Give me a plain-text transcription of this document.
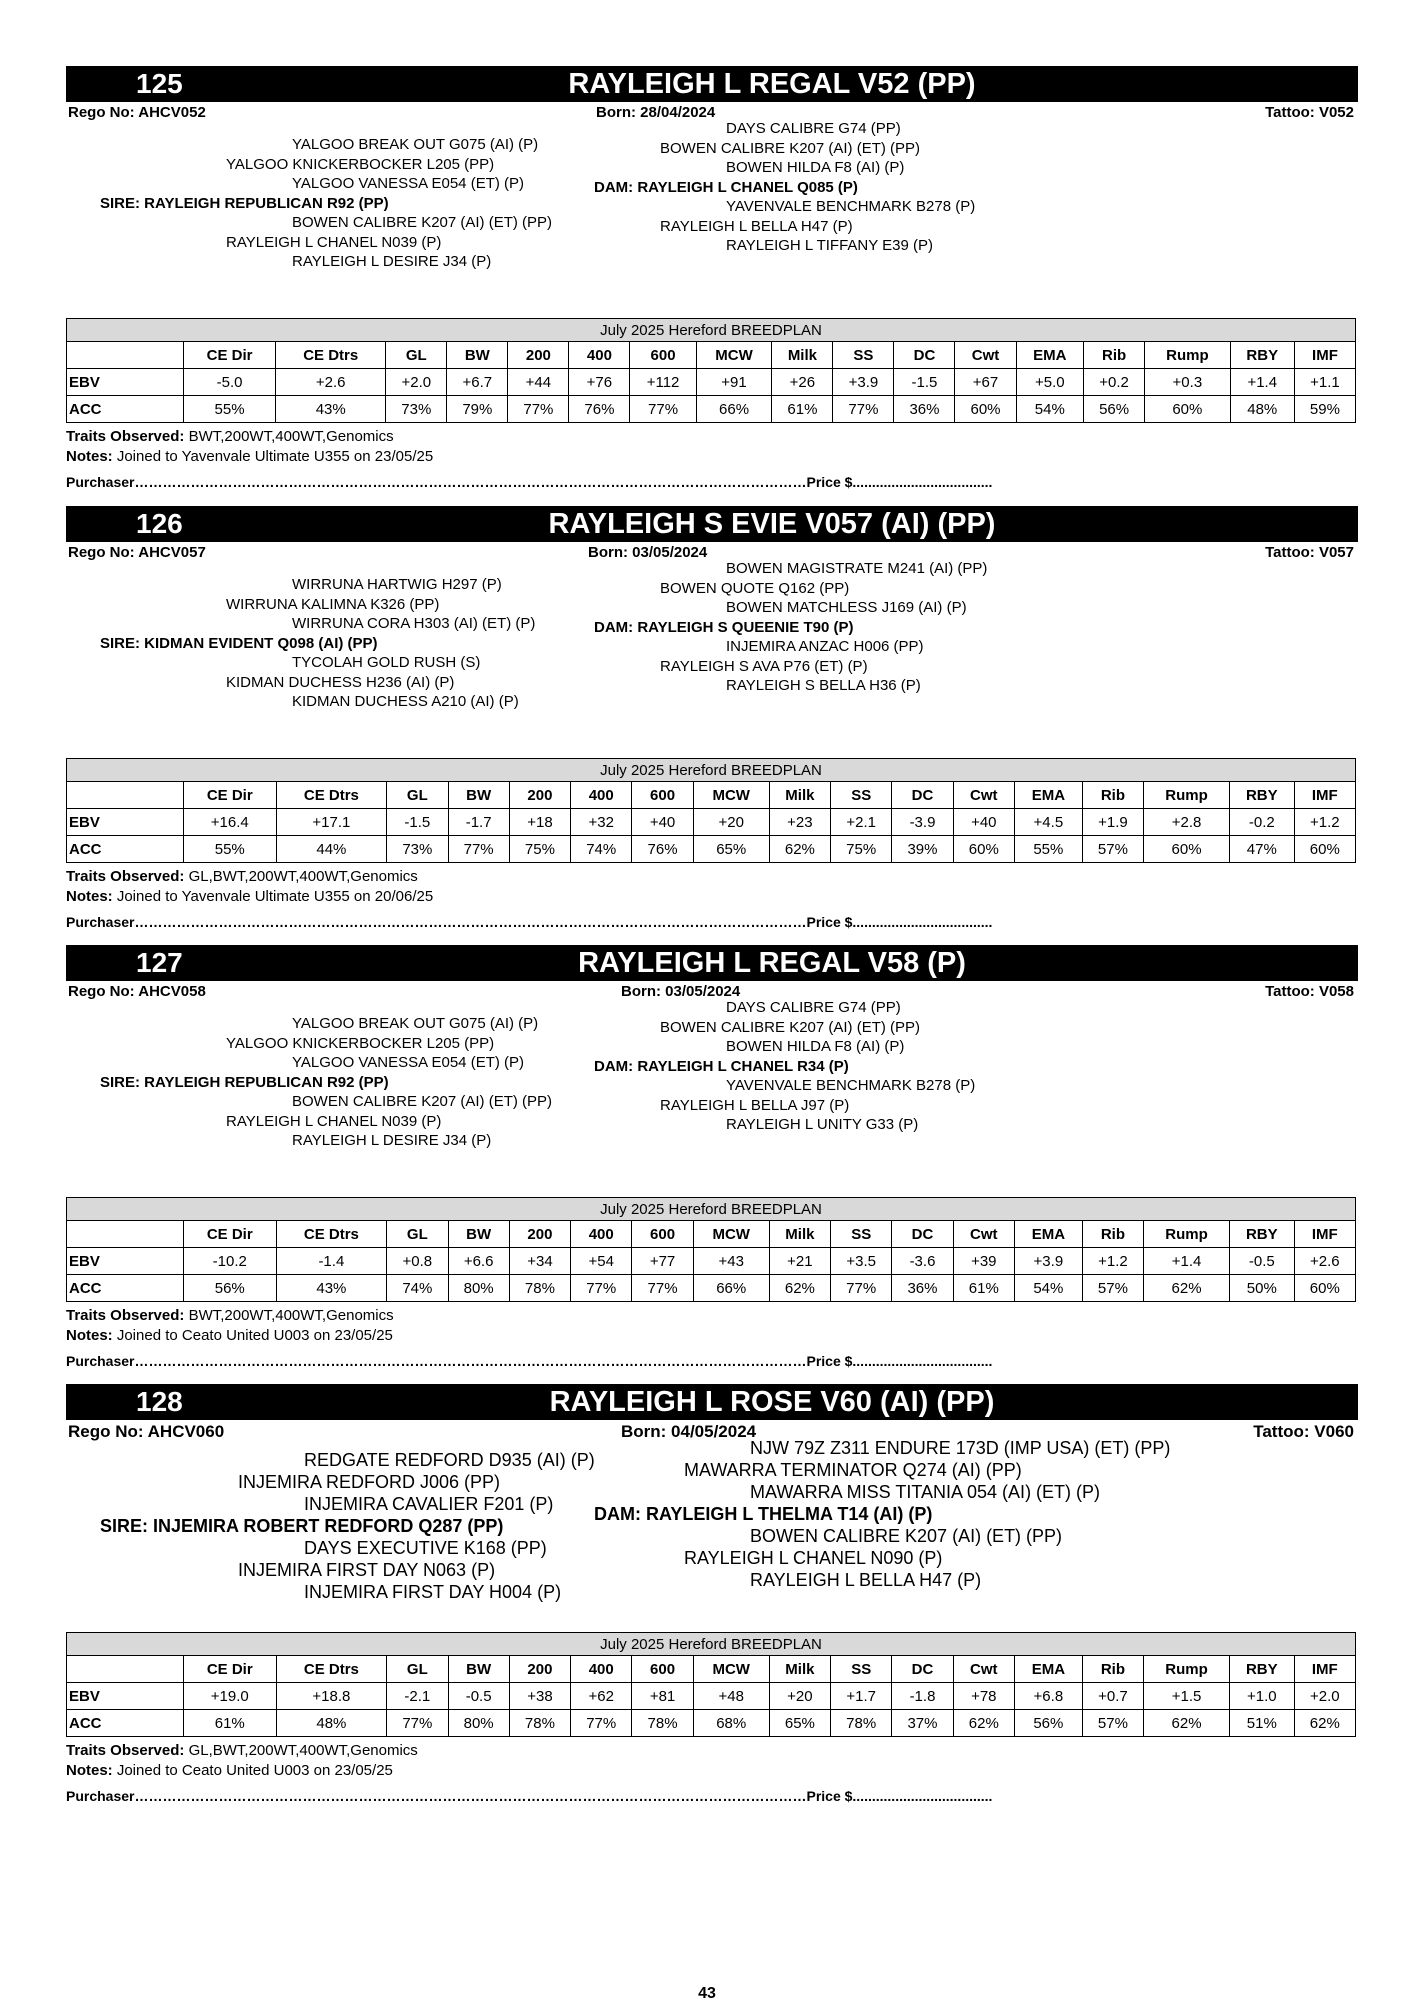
125	RAYLEIGH L REGAL V52 (PP)
Rego No: AHCV052	Born: 28/04/2024	Tattoo: V052
YALGOO BREAK OUT G075 (AI) (P)
YALGOO KNICKERBOCKER L205 (PP)
YALGOO VANESSA E054 (ET) (P)
SIRE: RAYLEIGH REPUBLICAN R92 (PP)
BOWEN CALIBRE K207 (AI) (ET) (PP)
RAYLEIGH L CHANEL N039 (P)
RAYLEIGH L DESIRE J34 (P)
DAYS CALIBRE G74 (PP)
BOWEN CALIBRE K207 (AI) (ET) (PP)
BOWEN HILDA F8 (AI) (P)
DAM: RAYLEIGH L CHANEL Q085 (P)
YAVENVALE BENCHMARK B278 (P)
RAYLEIGH L BELLA H47 (P)
RAYLEIGH L TIFFANY E39 (P)
July 2025 Hereford BREEDPLAN																	
	CE Dir	CE Dtrs	GL	BW	200	400	600	MCW	Milk	SS	DC	Cwt	EMA	Rib	Rump	RBY	IMF
EBV	-5.0	+2.6	+2.0	+6.7	+44	+76	+112	+91	+26	+3.9	-1.5	+67	+5.0	+0.2	+0.3	+1.4	+1.1
ACC	55%	43%	73%	79%	77%	76%	77%	66%	61%	77%	36%	60%	54%	56%	60%	48%	59%
Traits Observed: BWT,200WT,400WT,Genomics
Notes: Joined to Yavenvale Ultimate U355 on 23/05/25
Purchaser………………………………………………………………………………………………………………………………Price $....................................
126	RAYLEIGH S EVIE V057 (AI) (PP)
Rego No: AHCV057	Born: 03/05/2024	Tattoo: V057
WIRRUNA HARTWIG H297 (P)
WIRRUNA KALIMNA K326 (PP)
WIRRUNA CORA H303 (AI) (ET) (P)
SIRE: KIDMAN EVIDENT Q098 (AI) (PP)
TYCOLAH GOLD RUSH (S)
KIDMAN DUCHESS H236 (AI) (P)
KIDMAN DUCHESS A210 (AI) (P)
BOWEN MAGISTRATE M241 (AI) (PP)
BOWEN QUOTE Q162 (PP)
BOWEN MATCHLESS J169 (AI) (P)
DAM: RAYLEIGH S QUEENIE T90 (P)
INJEMIRA ANZAC H006 (PP)
RAYLEIGH S AVA P76 (ET) (P)
RAYLEIGH S BELLA H36 (P)
July 2025 Hereford BREEDPLAN																	
	CE Dir	CE Dtrs	GL	BW	200	400	600	MCW	Milk	SS	DC	Cwt	EMA	Rib	Rump	RBY	IMF
EBV	+16.4	+17.1	-1.5	-1.7	+18	+32	+40	+20	+23	+2.1	-3.9	+40	+4.5	+1.9	+2.8	-0.2	+1.2
ACC	55%	44%	73%	77%	75%	74%	76%	65%	62%	75%	39%	60%	55%	57%	60%	47%	60%
Traits Observed: GL,BWT,200WT,400WT,Genomics
Notes: Joined to Yavenvale Ultimate U355 on 20/06/25
Purchaser………………………………………………………………………………………………………………………………Price $....................................
127	RAYLEIGH L REGAL V58 (P)
Rego No: AHCV058	Born: 03/05/2024	Tattoo: V058
YALGOO BREAK OUT G075 (AI) (P)
YALGOO KNICKERBOCKER L205 (PP)
YALGOO VANESSA E054 (ET) (P)
SIRE: RAYLEIGH REPUBLICAN R92 (PP)
BOWEN CALIBRE K207 (AI) (ET) (PP)
RAYLEIGH L CHANEL N039 (P)
RAYLEIGH L DESIRE J34 (P)
DAYS CALIBRE G74 (PP)
BOWEN CALIBRE K207 (AI) (ET) (PP)
BOWEN HILDA F8 (AI) (P)
DAM: RAYLEIGH L CHANEL R34 (P)
YAVENVALE BENCHMARK B278 (P)
RAYLEIGH L BELLA J97 (P)
RAYLEIGH L UNITY G33 (P)
July 2025 Hereford BREEDPLAN																	
	CE Dir	CE Dtrs	GL	BW	200	400	600	MCW	Milk	SS	DC	Cwt	EMA	Rib	Rump	RBY	IMF
EBV	-10.2	-1.4	+0.8	+6.6	+34	+54	+77	+43	+21	+3.5	-3.6	+39	+3.9	+1.2	+1.4	-0.5	+2.6
ACC	56%	43%	74%	80%	78%	77%	77%	66%	62%	77%	36%	61%	54%	57%	62%	50%	60%
Traits Observed: BWT,200WT,400WT,Genomics
Notes: Joined to Ceato United U003 on 23/05/25
Purchaser………………………………………………………………………………………………………………………………Price $....................................
128	RAYLEIGH L ROSE V60 (AI) (PP)
Rego No: AHCV060	Born: 04/05/2024	Tattoo: V060
REDGATE REDFORD D935 (AI) (P)
INJEMIRA REDFORD J006 (PP)
INJEMIRA CAVALIER F201 (P)
SIRE: INJEMIRA ROBERT REDFORD Q287 (PP)
DAYS EXECUTIVE K168 (PP)
INJEMIRA FIRST DAY N063 (P)
INJEMIRA FIRST DAY H004 (P)
NJW 79Z Z311 ENDURE 173D (IMP USA) (ET) (PP)
MAWARRA TERMINATOR Q274 (AI) (PP)
MAWARRA MISS TITANIA 054 (AI) (ET) (P)
DAM: RAYLEIGH L THELMA T14 (AI) (P)
BOWEN CALIBRE K207 (AI) (ET) (PP)
RAYLEIGH L CHANEL N090 (P)
RAYLEIGH L BELLA H47 (P)
July 2025 Hereford BREEDPLAN																	
	CE Dir	CE Dtrs	GL	BW	200	400	600	MCW	Milk	SS	DC	Cwt	EMA	Rib	Rump	RBY	IMF
EBV	+19.0	+18.8	-2.1	-0.5	+38	+62	+81	+48	+20	+1.7	-1.8	+78	+6.8	+0.7	+1.5	+1.0	+2.0
ACC	61%	48%	77%	80%	78%	77%	78%	68%	65%	78%	37%	62%	56%	57%	62%	51%	62%
Traits Observed: GL,BWT,200WT,400WT,Genomics
Notes: Joined to Ceato United U003 on 23/05/25
Purchaser………………………………………………………………………………………………………………………………Price $....................................
43
